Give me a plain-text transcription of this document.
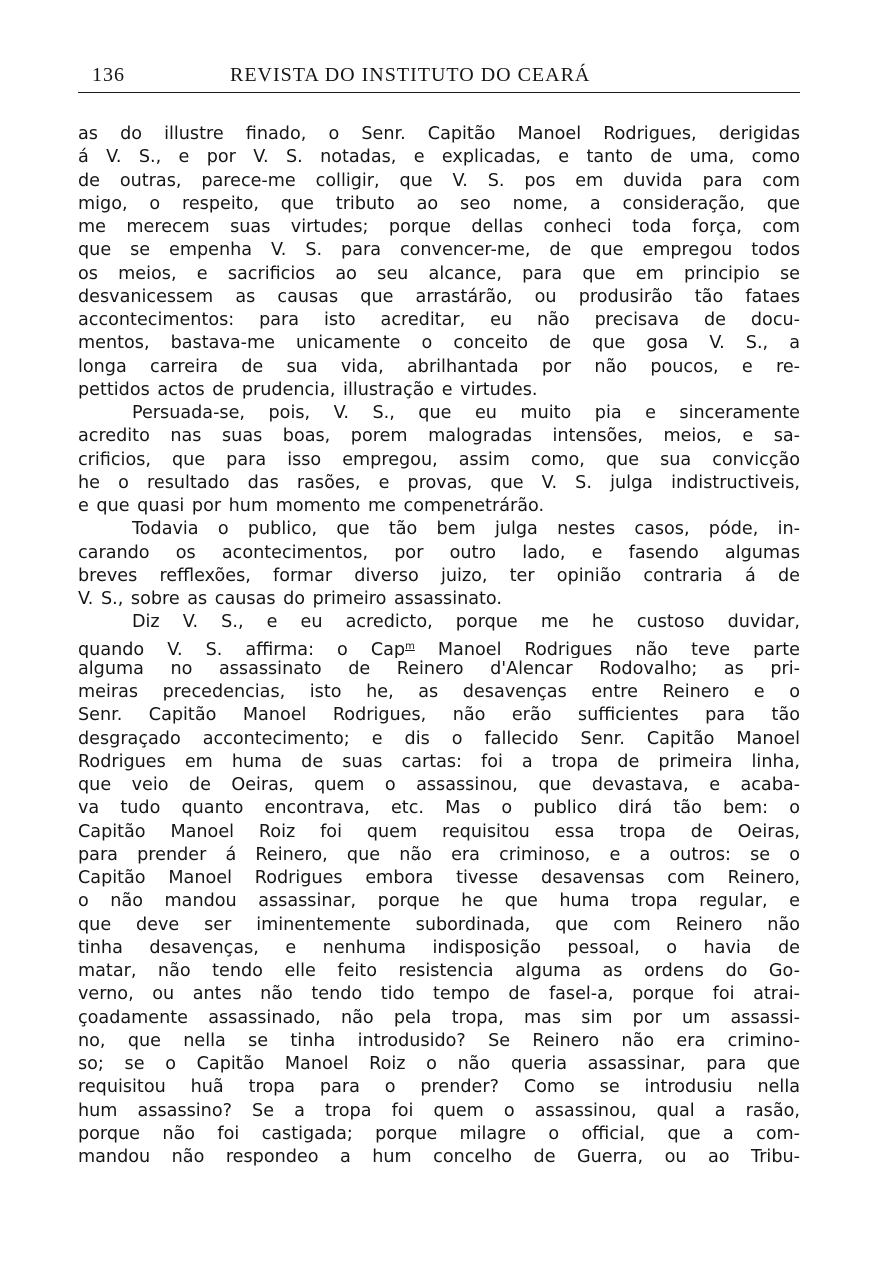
136	REVISTA DO INSTITUTO DO CEARÁ
as do illustre finado, o Senr. Capitão Manoel Rodrigues, derigidas
á V. S., e por V. S. notadas, e explicadas, e tanto de uma, como
de outras, parece-me colligir, que V. S. pos em duvida para com
migo, o respeito, que tributo ao seo nome, a consideração, que
me merecem suas virtudes; porque dellas conheci toda força, com
que se empenha V. S. para convencer-me, de que empregou todos
os meios, e sacrificios ao seu alcance, para que em principio se
desvanicessem as causas que arrastárão, ou produsirão tão fataes
accontecimentos: para isto acreditar, eu não precisava de docu-
mentos, bastava-me unicamente o conceito de que gosa V. S., a
longa carreira de sua vida, abrilhantada por não poucos, e re-
pettidos actos de prudencia, illustração e virtudes.
Persuada-se, pois, V. S., que eu muito pia e sinceramente
acredito nas suas boas, porem malogradas intensões, meios, e sa-
crificios, que para isso empregou, assim como, que sua convicção
he o resultado das rasões, e provas, que V. S. julga indistructiveis,
e que quasi por hum momento me compenetrárão.
Todavia o publico, que tão bem julga nestes casos, póde, in-
carando os acontecimentos, por outro lado, e fasendo algumas
breves refflexões, formar diverso juizo, ter opinião contraria á de
V. S., sobre as causas do primeiro assassinato.
Diz V. S., e eu acredicto, porque me he custoso duvidar,
quando V. S. affirma: o Cap$^m$ Manoel Rodrigues não teve parte
alguma no assassinato de Reinero d'Alencar Rodovalho; as pri-
meiras precedencias, isto he, as desavenças entre Reinero e o
Senr. Capitão Manoel Rodrigues, não erão sufficientes para tão
desgraçado accontecimento; e dis o fallecido Senr. Capitão Manoel
Rodrigues em huma de suas cartas: foi a tropa de primeira linha,
que veio de Oeiras, quem o assassinou, que devastava, e acaba-
va tudo quanto encontrava, etc. Mas o publico dirá tão bem: o
Capitão Manoel Roiz foi quem requisitou essa tropa de Oeiras,
para prender á Reinero, que não era criminoso, e a outros: se o
Capitão Manoel Rodrigues embora tivesse desavensas com Reinero,
o não mandou assassinar, porque he que huma tropa regular, e
que deve ser iminentemente subordinada, que com Reinero não
tinha desavenças, e nenhuma indisposição pessoal, o havia de
matar, não tendo elle feito resistencia alguma as ordens do Go-
verno, ou antes não tendo tido tempo de fasel-a, porque foi atrai-
çoadamente assassinado, não pela tropa, mas sim por um assassi-
no, que nella se tinha introdusido? Se Reinero não era crimino-
so; se o Capitão Manoel Roiz o não queria assassinar, para que
requisitou huã tropa para o prender? Como se introdusiu nella
hum assassino? Se a tropa foi quem o assassinou, qual a rasão,
porque não foi castigada; porque milagre o official, que a com-
mandou não respondeo a hum concelho de Guerra, ou ao Tribu-
